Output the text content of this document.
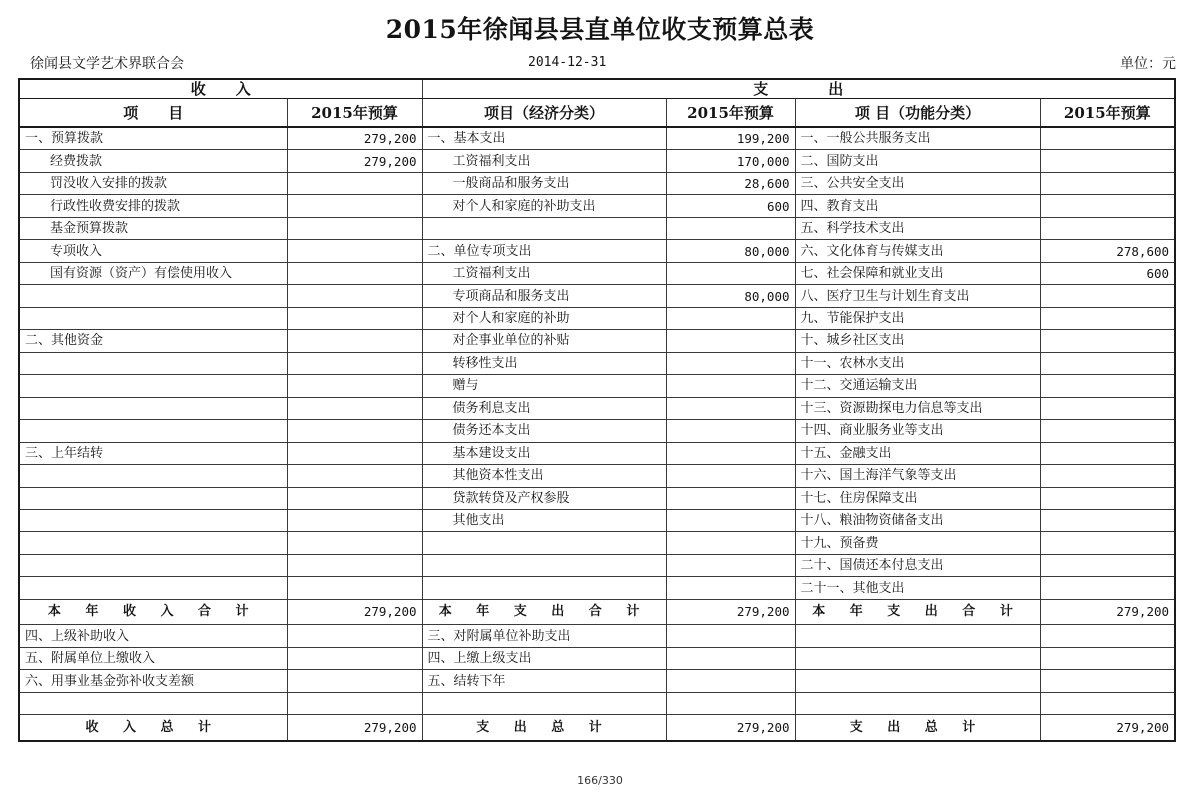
2015年徐闻县县直单位收支预算总表
徐闻县文学艺术界联合会	2014-12-31	单位：元
收　　入		支　　　　出			
项　　目	2015年预算	项目（经济分类）	2015年预算	项 目（功能分类）	2015年预算
一、预算拨款	279,200	一、基本支出	199,200	一、一般公共服务支出	
经费拨款	279,200	工资福利支出	170,000	二、国防支出	
罚没收入安排的拨款		一般商品和服务支出	28,600	三、公共安全支出	
行政性收费安排的拨款		对个人和家庭的补助支出	600	四、教育支出	
基金预算拨款				五、科学技术支出	
专项收入		二、单位专项支出	80,000	六、文化体育与传媒支出	278,600
国有资源（资产）有偿使用收入		工资福利支出		七、社会保障和就业支出	600
		专项商品和服务支出	80,000	八、医疗卫生与计划生育支出	
		对个人和家庭的补助		九、节能保护支出	
二、其他资金		对企事业单位的补贴		十、城乡社区支出	
		转移性支出		十一、农林水支出	
		赠与		十二、交通运输支出	
		债务利息支出		十三、资源勘探电力信息等支出	
		债务还本支出		十四、商业服务业等支出	
三、上年结转		基本建设支出		十五、金融支出	
		其他资本性支出		十六、国土海洋气象等支出	
		贷款转贷及产权参股		十七、住房保障支出	
		其他支出		十八、粮油物资储备支出	
				十九、预备费	
				二十、国债还本付息支出	
				二十一、其他支出	
本 年 收 入 合 计	279,200	本 年 支 出 合 计	279,200	本 年 支 出 合 计	279,200
四、上级补助收入		三、对附属单位补助支出			
五、附属单位上缴收入		四、上缴上级支出			
六、用事业基金弥补收支差额		五、结转下年			

收 入 总 计	279,200	支 出 总 计	279,200	支 出 总 计	279,200
166/330
